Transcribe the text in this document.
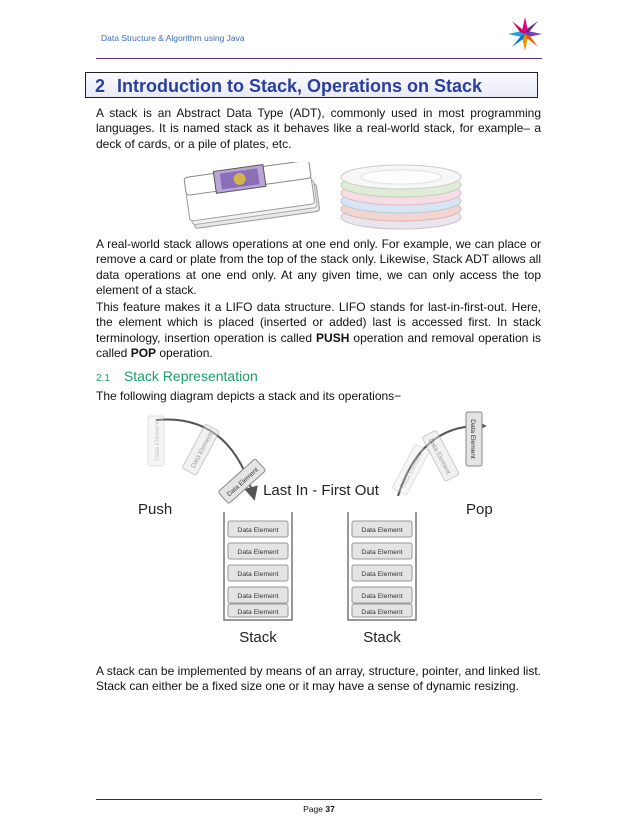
Data Structure & Algorithm using Java
2 Introduction to Stack, Operations on Stack

A stack is an Abstract Data Type (ADT), commonly used in most programming languages. It is named stack as it behaves like a real-world stack, for example– a deck of cards, or a pile of plates, etc.

A real-world stack allows operations at one end only. For example, we can place or remove a card or plate from the top of the stack only. Likewise, Stack ADT allows all data operations at one end only. At any given time, we can only access the top element of a stack.

This feature makes it a LIFO data structure. LIFO stands for last-in-first-out. Here, the element which is placed (inserted or added) last is accessed first. In stack terminology, insertion operation is called PUSH operation and removal operation is called POP operation.

2.1 Stack Representation

The following diagram depicts a stack and its operations−

Data Element	Data Element
Data Element	Data Element Data Element	Data Element
Last In - First Out
Push	Pop
Data Element
Data Element
Data Element
Data Element
Data Element
Data Element
Data Element
Data Element
Data Element
Data Element
Stack	Stack

A stack can be implemented by means of an array, structure, pointer, and linked list. Stack can either be a fixed size one or it may have a sense of dynamic resizing.

Page 37
